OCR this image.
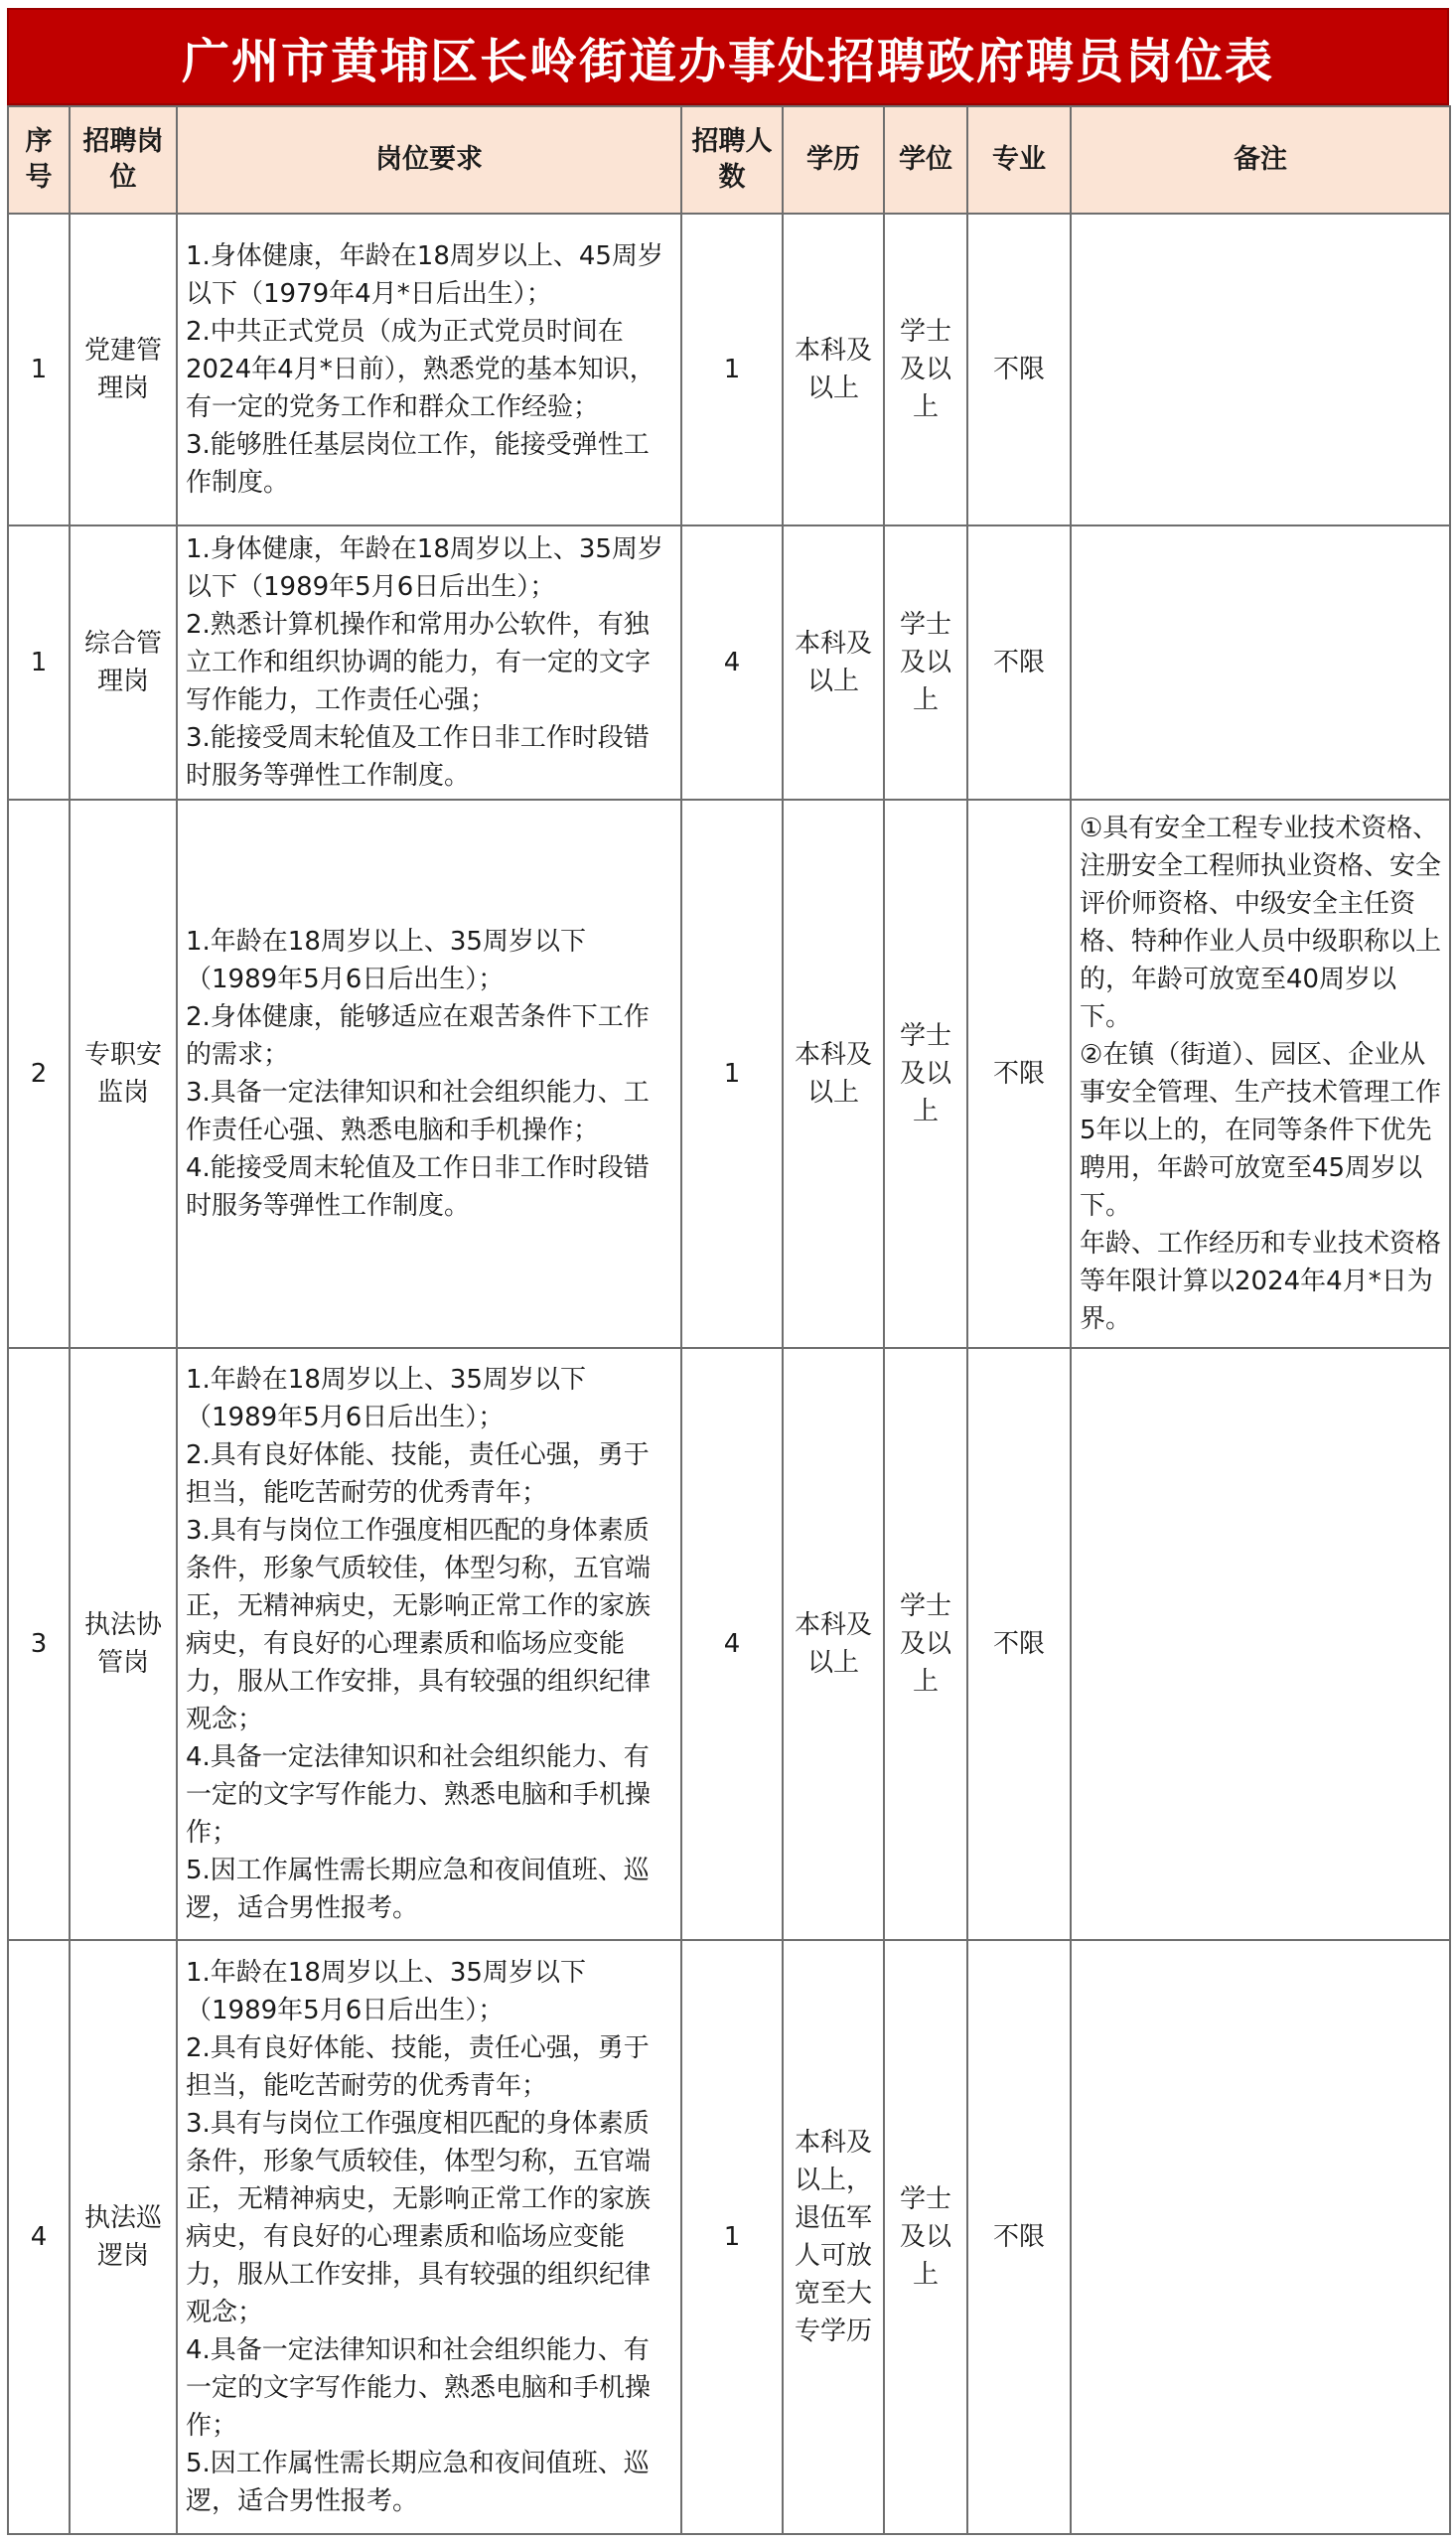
广州市黄埔区长岭街道办事处招聘政府聘员岗位表
序号	招聘岗位	岗位要求	招聘人数	学历	学位	专业	备注
1	党建管理岗	1.身体健康，年龄在18周岁以上、45周岁以下（1979年4月*日后出生）；
2.中共正式党员（成为正式党员时间在2024年4月*日前），熟悉党的基本知识，有一定的党务工作和群众工作经验；
3.能够胜任基层岗位工作，能接受弹性工作制度。	1	本科及以上	学士及以上	不限	
1	综合管理岗	1.身体健康，年龄在18周岁以上、35周岁以下（1989年5月6日后出生）；
2.熟悉计算机操作和常用办公软件，有独立工作和组织协调的能力，有一定的文字写作能力，工作责任心强；
3.能接受周末轮值及工作日非工作时段错时服务等弹性工作制度。	4	本科及以上	学士及以上	不限	
2	专职安监岗	1.年龄在18周岁以上、35周岁以下（1989年5月6日后出生）；
2.身体健康，能够适应在艰苦条件下工作的需求；
3.具备一定法律知识和社会组织能力、工作责任心强、熟悉电脑和手机操作；
4.能接受周末轮值及工作日非工作时段错时服务等弹性工作制度。	1	本科及以上	学士及以上	不限	①具有安全工程专业技术资格、注册安全工程师执业资格、安全评价师资格、中级安全主任资格、特种作业人员中级职称以上的，年龄可放宽至40周岁以下。
②在镇（街道）、园区、企业从事安全管理、生产技术管理工作5年以上的，在同等条件下优先聘用，年龄可放宽至45周岁以下。
年龄、工作经历和专业技术资格等年限计算以2024年4月*日为界。

3	执法协管岗	1.年龄在18周岁以上、35周岁以下（1989年5月6日后出生）；
2.具有良好体能、技能，责任心强，勇于担当，能吃苦耐劳的优秀青年；
3.具有与岗位工作强度相匹配的身体素质条件，形象气质较佳，体型匀称，五官端正，无精神病史，无影响正常工作的家族病史，有良好的心理素质和临场应变能力，服从工作安排，具有较强的组织纪律观念；
4.具备一定法律知识和社会组织能力、有一定的文字写作能力、熟悉电脑和手机操作；
5.因工作属性需长期应急和夜间值班、巡逻，适合男性报考。	4	本科及以上	学士及以上	不限	
4	执法巡逻岗	1.年龄在18周岁以上、35周岁以下（1989年5月6日后出生）；
2.具有良好体能、技能，责任心强，勇于担当，能吃苦耐劳的优秀青年；
3.具有与岗位工作强度相匹配的身体素质条件，形象气质较佳，体型匀称，五官端正，无精神病史，无影响正常工作的家族病史，有良好的心理素质和临场应变能力，服从工作安排，具有较强的组织纪律观念；
4.具备一定法律知识和社会组织能力、有一定的文字写作能力、熟悉电脑和手机操作；
5.因工作属性需长期应急和夜间值班、巡逻，适合男性报考。	1	本科及以上，退伍军人可放宽至大专学历	学士及以上	不限	
